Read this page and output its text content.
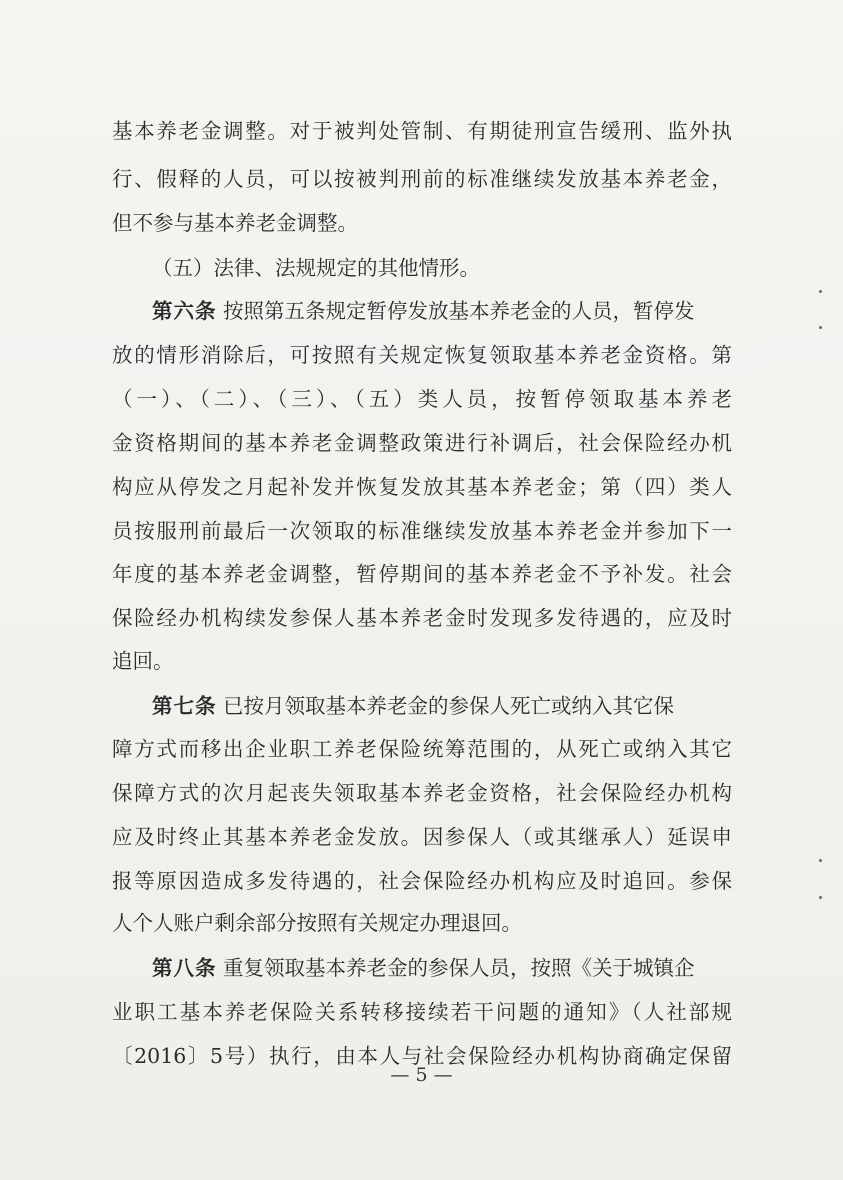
基本养老金调整。对于被判处管制、有期徒刑宣告缓刑、监外执
行、假释的人员，可以按被判刑前的标准继续发放基本养老金，
但不参与基本养老金调整。
（五）法律、法规规定的其他情形。
第六条 按照第五条规定暂停发放基本养老金的人员，暂停发
放的情形消除后，可按照有关规定恢复领取基本养老金资格。第
（一）、（二）、（三）、（五）类人员，按暂停领取基本养老
金资格期间的基本养老金调整政策进行补调后，社会保险经办机
构应从停发之月起补发并恢复发放其基本养老金；第（四）类人
员按服刑前最后一次领取的标准继续发放基本养老金并参加下一
年度的基本养老金调整，暂停期间的基本养老金不予补发。社会
保险经办机构续发参保人基本养老金时发现多发待遇的，应及时
追回。
第七条 已按月领取基本养老金的参保人死亡或纳入其它保
障方式而移出企业职工养老保险统筹范围的，从死亡或纳入其它
保障方式的次月起丧失领取基本养老金资格，社会保险经办机构
应及时终止其基本养老金发放。因参保人（或其继承人）延误申
报等原因造成多发待遇的，社会保险经办机构应及时追回。参保
人个人账户剩余部分按照有关规定办理退回。
第八条 重复领取基本养老金的参保人员，按照《关于城镇企
业职工基本养老保险关系转移接续若干问题的通知》（人社部规
〔2016〕5号）执行，由本人与社会保险经办机构协商确定保留
— 5 —
